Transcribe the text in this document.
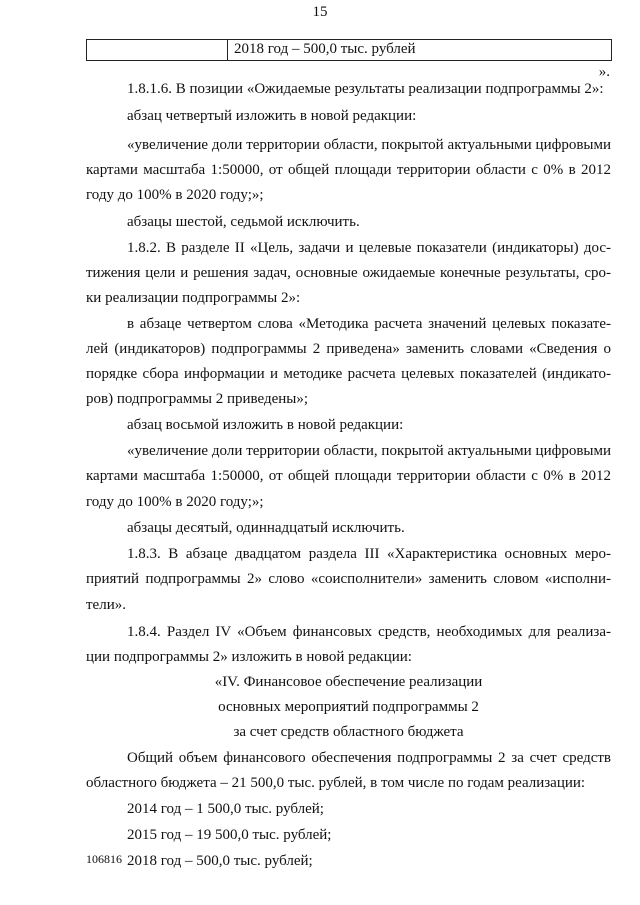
15
2018 год – 500,0 тыс. рублей
».
1.8.1.6. В позиции «Ожидаемые результаты реализации подпрограммы 2»:
абзац четвертый изложить в новой редакции:
«увеличение доли территории области, покрытой актуальными цифровыми
картами масштаба 1:50000, от общей площади территории области с 0% в 2012
году до 100% в 2020 году;»;
абзацы шестой, седьмой исключить.
1.8.2. В разделе II «Цель, задачи и целевые показатели (индикаторы) дос-
тижения цели и решения задач, основные ожидаемые конечные результаты, сро-
ки реализации подпрограммы 2»:
в абзаце четвертом слова «Методика расчета значений целевых показате-
лей (индикаторов) подпрограммы 2 приведена» заменить словами «Сведения о
порядке сбора информации и методике расчета целевых показателей (индикато-
ров) подпрограммы 2 приведены»;
абзац восьмой изложить в новой редакции:
«увеличение доли территории области, покрытой актуальными цифровыми
картами масштаба 1:50000, от общей площади территории области с 0% в 2012
году до 100% в 2020 году;»;
абзацы десятый, одиннадцатый исключить.
1.8.3. В абзаце двадцатом раздела III «Характеристика основных меро-
приятий подпрограммы 2» слово «соисполнители» заменить словом «исполни-
тели».
1.8.4. Раздел IV «Объем финансовых средств, необходимых для реализа-
ции подпрограммы 2» изложить в новой редакции:
«IV. Финансовое обеспечение реализации
основных мероприятий подпрограммы 2
за счет средств областного бюджета
Общий объем финансового обеспечения подпрограммы 2 за счет средств
областного бюджета – 21 500,0 тыс. рублей, в том числе по годам реализации:
2014 год – 1 500,0 тыс. рублей;
2015 год – 19 500,0 тыс. рублей;
2018 год – 500,0 тыс. рублей;
106816
